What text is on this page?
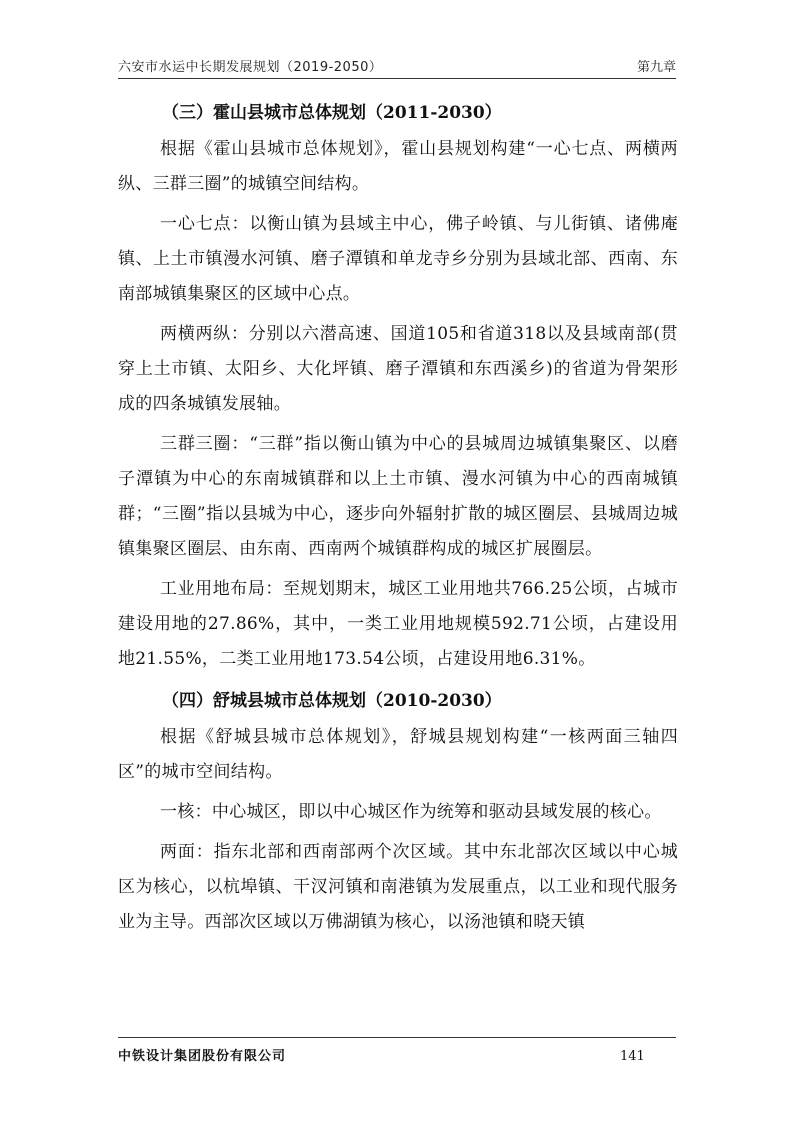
六安市水运中长期发展规划（2019-2050）	第九章
（三）霍山县城市总体规划（2011-2030）

根据《霍山县城市总体规划》，霍山县规划构建“一心七点、两横两纵、三群三圈”的城镇空间结构。

一心七点：以衡山镇为县域主中心，佛子岭镇、与儿街镇、诸佛庵镇、上土市镇漫水河镇、磨子潭镇和单龙寺乡分别为县域北部、西南、东南部城镇集聚区的区域中心点。

两横两纵：分别以六潜高速、国道105和省道318以及县域南部(贯穿上土市镇、太阳乡、大化坪镇、磨子潭镇和东西溪乡)的省道为骨架形成的四条城镇发展轴。

三群三圈：“三群”指以衡山镇为中心的县城周边城镇集聚区、以磨子潭镇为中心的东南城镇群和以上土市镇、漫水河镇为中心的西南城镇群；“三圈”指以县城为中心，逐步向外辐射扩散的城区圈层、县城周边城镇集聚区圈层、由东南、西南两个城镇群构成的城区扩展圈层。

工业用地布局：至规划期末，城区工业用地共766.25公顷，占城市建设用地的27.86%，其中，一类工业用地规模592.71公顷，占建设用地21.55%，二类工业用地173.54公顷，占建设用地6.31%。

（四）舒城县城市总体规划（2010-2030）

根据《舒城县城市总体规划》，舒城县规划构建“一核两面三轴四区”的城市空间结构。

一核：中心城区，即以中心城区作为统筹和驱动县域发展的核心。

两面：指东北部和西南部两个次区域。其中东北部次区域以中心城区为核心，以杭埠镇、干汊河镇和南港镇为发展重点，以工业和现代服务业为主导。西部次区域以万佛湖镇为核心，以汤池镇和晓天镇

中铁设计集团股份有限公司	141
